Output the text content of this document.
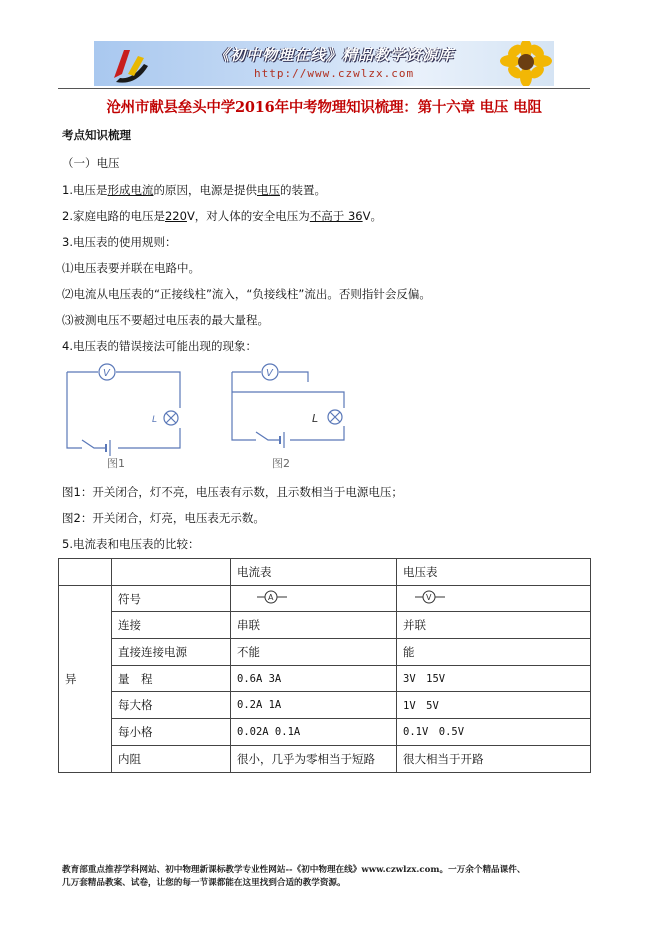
《初中物理在线》精品教学资源库
http://www.czwlzx.com
沧州市献县垒头中学2016年中考物理知识梳理：第十六章 电压 电阻
考点知识梳理
（一）电压
1.电压是形成电流的原因，电源是提供电压的装置。
2.家庭电路的电压是220V，对人体的安全电压为不高于 36V。
3.电压表的使用规则：
⑴电压表要并联在电路中。
⑵电流从电压表的“正接线柱”流入，“负接线柱”流出。否则指针会反偏。
⑶被测电压不要超过电压表的最大量程。
4.电压表的错误接法可能出现的现象：
V
L
图1
V
L
图2
图1：开关闭合，灯不亮，电压表有示数，且示数相当于电源电压；
图2：开关闭合，灯亮，电压表无示数。
5.电流表和电压表的比较：
		电流表	电压表
异	符号	A	V

	连接	串联	并联
	直接连接电源	不能	能
	量　程	0.6A 3A	3V　15V
	每大格	0.2A 1A	1V　5V
	每小格	0.02A 0.1A	0.1V　0.5V
	内阻	很小，几乎为零相当于短路	很大相当于开路
教育部重点推荐学科网站、初中物理新课标教学专业性网站--《初中物理在线》www.czwlzx.com。一万余个精品课件、
几万套精品教案、试卷，让您的每一节课都能在这里找到合适的教学资源。
